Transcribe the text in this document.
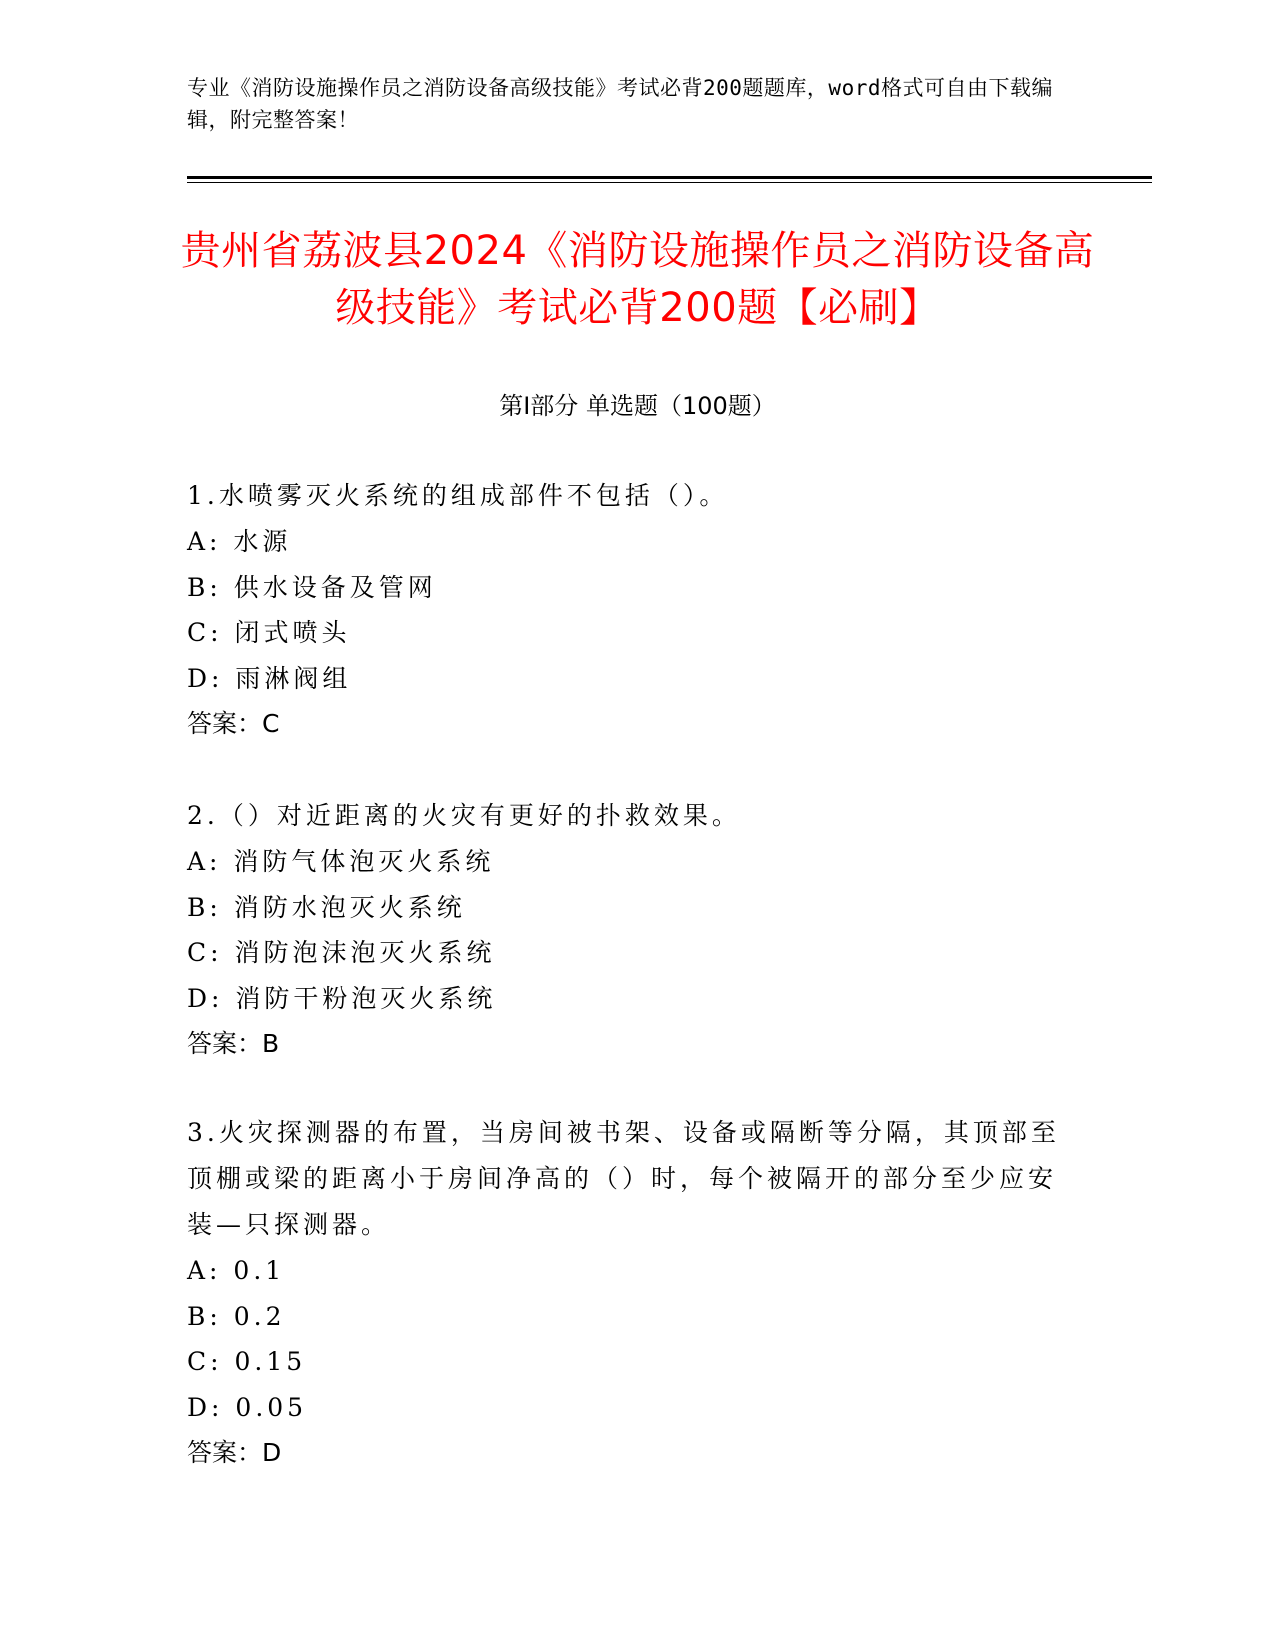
专业《消防设施操作员之消防设备高级技能》考试必背200题题库，word格式可自由下载编辑，附完整答案！
贵州省荔波县2024《消防设施操作员之消防设备高级技能》考试必背200题【必刷】
第I部分 单选题（100题）
1.水喷雾灭火系统的组成部件不包括（）。
A: 水源
B: 供水设备及管网
C: 闭式喷头
D: 雨淋阀组
答案：C
2.（）对近距离的火灾有更好的扑救效果。
A: 消防气体泡灭火系统
B: 消防水泡灭火系统
C: 消防泡沫泡灭火系统
D: 消防干粉泡灭火系统
答案：B
3.火灾探测器的布置，当房间被书架、设备或隔断等分隔，其顶部至顶棚或梁的距离小于房间净高的（）时，每个被隔开的部分至少应安装—只探测器。
A: 0.1
B: 0.2
C: 0.15
D: 0.05
答案：D
